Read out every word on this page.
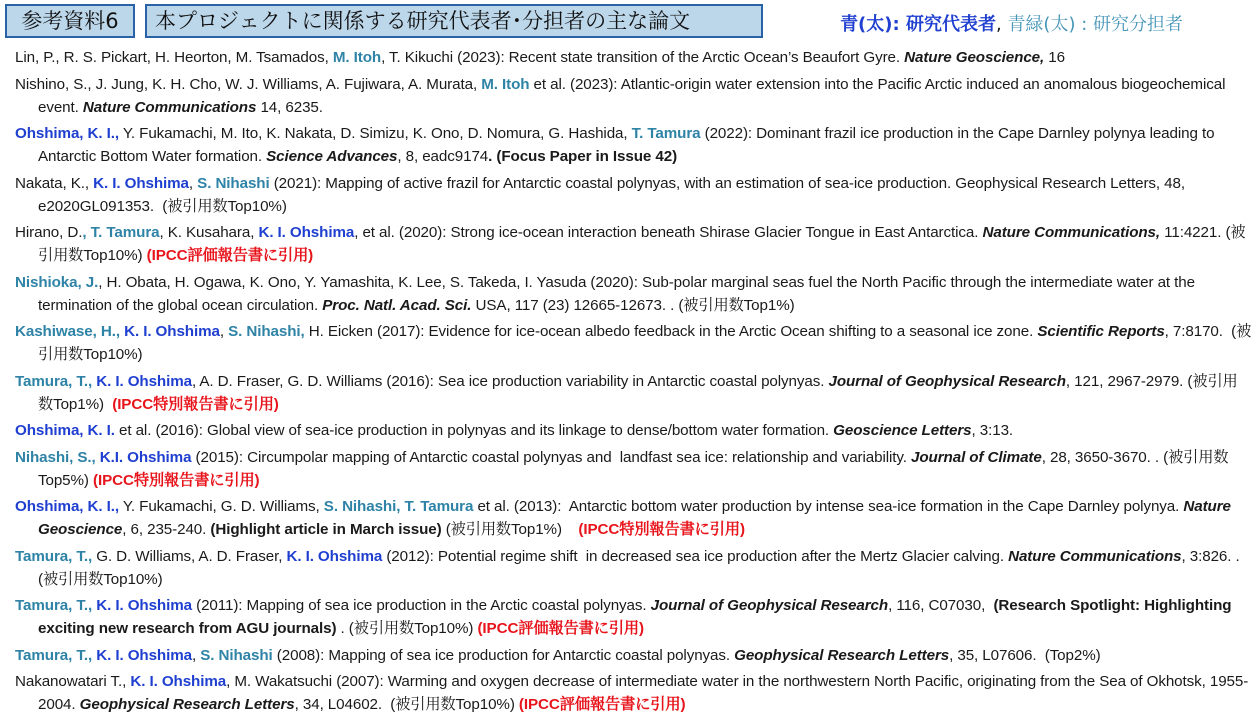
参考資料6	本プロジェクトに関係する研究代表者･分担者の主な論文	青(太): 研究代表者, 青緑(太) : 研究分担者
Lin, P., R. S. Pickart, H. Heorton, M. Tsamados, M. Itoh, T. Kikuchi (2023): Recent state transition of the Arctic Ocean’s Beaufort Gyre. Nature Geoscience, 16
Nishino, S., J. Jung, K. H. Cho, W. J. Williams, A. Fujiwara, A. Murata, M. Itoh et al. (2023): Atlantic-origin water extension into the Pacific Arctic induced an anomalous biogeochemical event. Nature Communications 14, 6235.
Ohshima, K. I., Y. Fukamachi, M. Ito, K. Nakata, D. Simizu, K. Ono, D. Nomura, G. Hashida, T. Tamura (2022): Dominant frazil ice production in the Cape Darnley polynya leading to Antarctic Bottom Water formation. Science Advances, 8, eadc9174. (Focus Paper in Issue 42)
Nakata, K., K. I. Ohshima, S. Nihashi (2021): Mapping of active frazil for Antarctic coastal polynyas, with an estimation of sea-ice production. Geophysical Research Letters, 48, e2020GL091353.  (被引用数Top10%)
Hirano, D., T. Tamura, K. Kusahara, K. I. Ohshima, et al. (2020): Strong ice-ocean interaction beneath Shirase Glacier Tongue in East Antarctica. Nature Communications, 11:4221. (被引用数Top10%) (IPCC評価報告書に引用)
Nishioka, J., H. Obata, H. Ogawa, K. Ono, Y. Yamashita, K. Lee, S. Takeda, I. Yasuda (2020): Sub-polar marginal seas fuel the North Pacific through the intermediate water at the termination of the global ocean circulation. Proc. Natl. Acad. Sci. USA, 117 (23) 12665-12673. . (被引用数Top1%)
Kashiwase, H., K. I. Ohshima, S. Nihashi, H. Eicken (2017): Evidence for ice-ocean albedo feedback in the Arctic Ocean shifting to a seasonal ice zone. Scientific Reports, 7:8170.  (被引用数Top10%)
Tamura, T., K. I. Ohshima, A. D. Fraser, G. D. Williams (2016): Sea ice production variability in Antarctic coastal polynyas. Journal of Geophysical Research, 121, 2967-2979. (被引用数Top1%)  (IPCC特別報告書に引用)
Ohshima, K. I. et al. (2016): Global view of sea-ice production in polynyas and its linkage to dense/bottom water formation. Geoscience Letters, 3:13.
Nihashi, S., K.I. Ohshima (2015): Circumpolar mapping of Antarctic coastal polynyas and  landfast sea ice: relationship and variability. Journal of Climate, 28, 3650-3670. . (被引用数Top5%) (IPCC特別報告書に引用)
Ohshima, K. I., Y. Fukamachi, G. D. Williams, S. Nihashi, T. Tamura et al. (2013):  Antarctic bottom water production by intense sea-ice formation in the Cape Darnley polynya. Nature Geoscience, 6, 235-240. (Highlight article in March issue) (被引用数Top1%)    (IPCC特別報告書に引用)
Tamura, T., G. D. Williams, A. D. Fraser, K. I. Ohshima (2012): Potential regime shift  in decreased sea ice production after the Mertz Glacier calving. Nature Communications, 3:826. . (被引用数Top10%)
Tamura, T., K. I. Ohshima (2011): Mapping of sea ice production in the Arctic coastal polynyas. Journal of Geophysical Research, 116, C07030,  (Research Spotlight: Highlighting exciting new research from AGU journals) . (被引用数Top10%) (IPCC評価報告書に引用)
Tamura, T., K. I. Ohshima, S. Nihashi (2008): Mapping of sea ice production for Antarctic coastal polynyas. Geophysical Research Letters, 35, L07606.  (Top2%)
Nakanowatari T., K. I. Ohshima, M. Wakatsuchi (2007): Warming and oxygen decrease of intermediate water in the northwestern North Pacific, originating from the Sea of Okhotsk, 1955-2004. Geophysical Research Letters, 34, L04602.  (被引用数Top10%) (IPCC評価報告書に引用)
